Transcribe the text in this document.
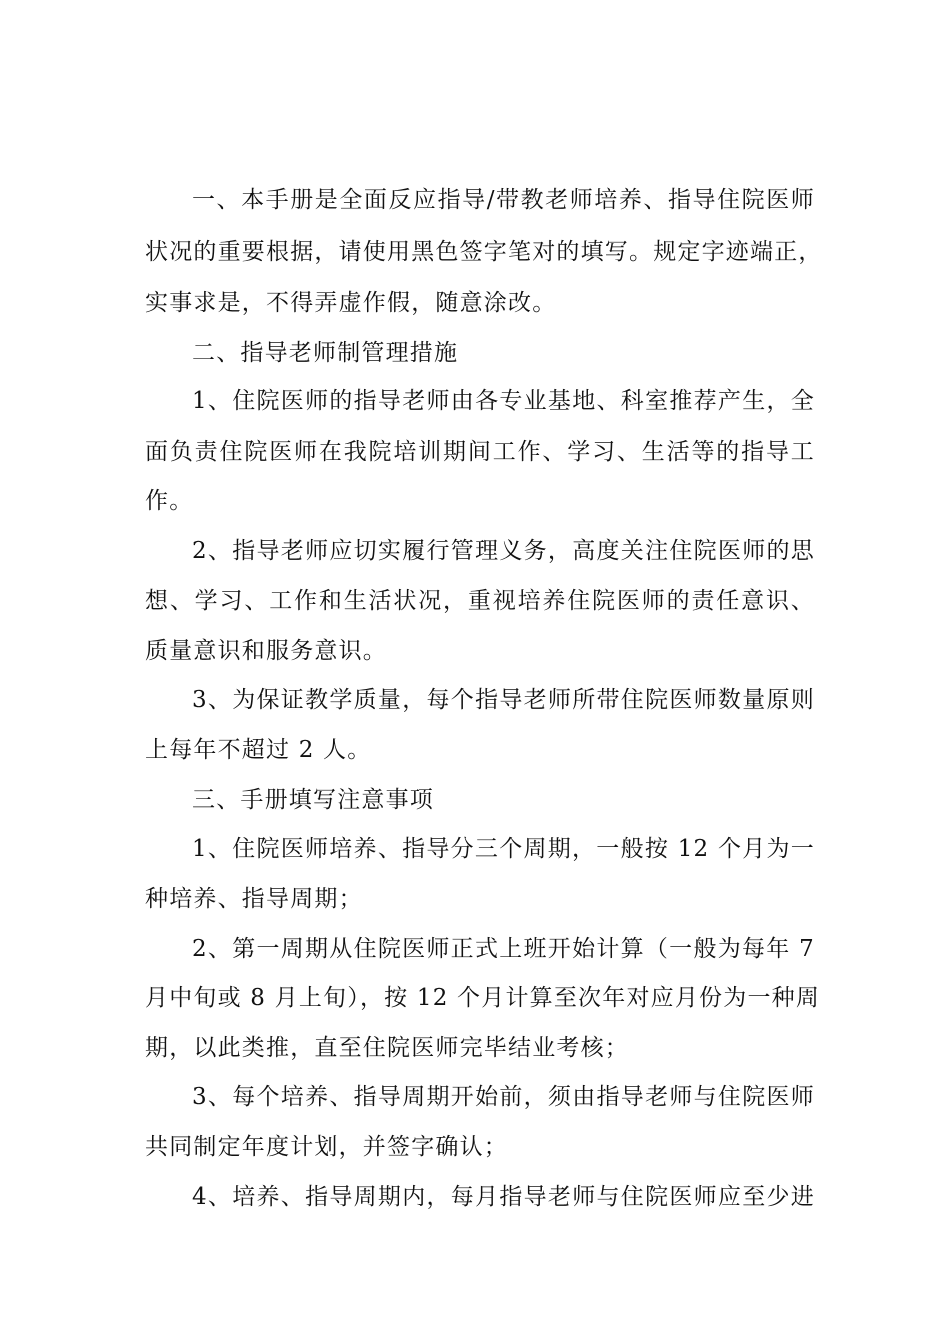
一、本手册是全面反应指导/带教老师培养、指导住院医师
状况的重要根据，请使用黑色签字笔对的填写。规定字迹端正，
实事求是，不得弄虚作假，随意涂改。
二、指导老师制管理措施
1、住院医师的指导老师由各专业基地、科室推荐产生，全
面负责住院医师在我院培训期间工作、学习、生活等的指导工
作。
2、指导老师应切实履行管理义务，高度关注住院医师的思
想、学习、工作和生活状况，重视培养住院医师的责任意识、
质量意识和服务意识。
3、为保证教学质量，每个指导老师所带住院医师数量原则
上每年不超过 2 人。
三、手册填写注意事项
1、住院医师培养、指导分三个周期，一般按 12 个月为一
种培养、指导周期；
2、第一周期从住院医师正式上班开始计算（一般为每年 7
月中旬或 8 月上旬），按 12 个月计算至次年对应月份为一种周
期，以此类推，直至住院医师完毕结业考核；
3、每个培养、指导周期开始前，须由指导老师与住院医师
共同制定年度计划，并签字确认；
4、培养、指导周期内，每月指导老师与住院医师应至少进
